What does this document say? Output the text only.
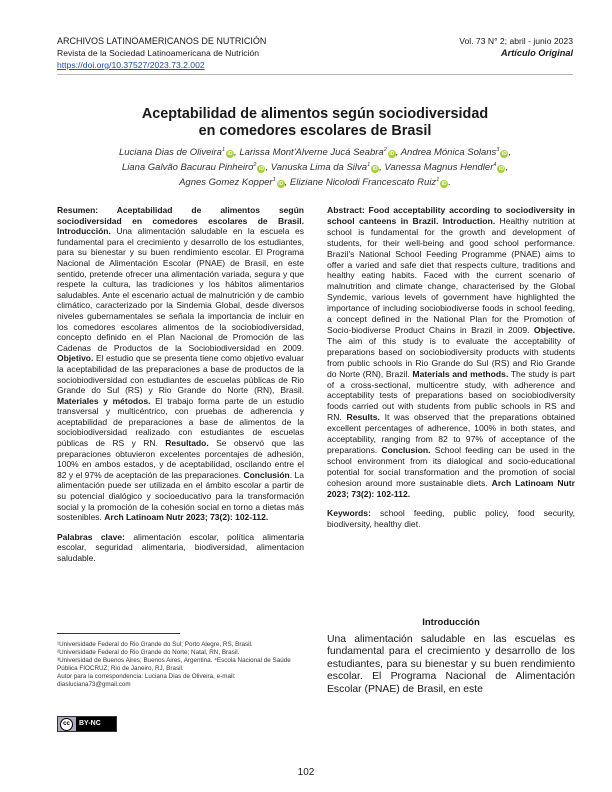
ARCHIVOS LATINOAMERICANOS DE NUTRICIÓN
Revista de la Sociedad Latinoamericana de Nutrición
https://doi.org/10.37527/2023.73.2.002
Vol. 73 N° 2; abril - junio 2023
Artículo Original
Aceptabilidad de alimentos según sociodiversidad
en comedores escolares de Brasil
Luciana Dias de Oliveira$^1$iD , Larissa Mont'Alverne Jucá Seabra$^2$iD , Andrea Mónica Solans$^3$iD ,
Liana Galvão Bacurau Pinheiro$^2$iD , Vanuska Lima da Silva$^1$iD , Vanessa Magnus Hendler$^4$iD ,
Agnes Gomez Kopper$^1$iD , Eliziane Nicolodi Francescato Ruiz$^1$iD .
Resumen: Aceptabilidad de alimentos según sociodiversidad en comedores escolares de Brasil. Introducción. Una alimentación saludable en la escuela es fundamental para el crecimiento y desarrollo de los estudiantes, para su bienestar y su buen rendimiento escolar. El Programa Nacional de Alimentación Escolar (PNAE) de Brasil, en este sentido, pretende ofrecer una alimentación variada, segura y que respete la cultura, las tradiciones y los hábitos alimentarios saludables. Ante el escenario actual de malnutrición y de cambio climático, caracterizado por la Sindemia Global, desde diversos niveles gubernamentales se señala la importancia de incluir en los comedores escolares alimentos de la sociobiodiversidad, concepto definido en el Plan Nacional de Promoción de las Cadenas de Productos de la Sociobiodiversidad en 2009. Objetivo. El estudio que se presenta tiene como objetivo evaluar la aceptabilidad de las preparaciones a base de productos de la sociobiodiversidad con estudiantes de escuelas públicas de Rio Grande do Sul (RS) y Rio Grande do Norte (RN), Brasil. Materiales y métodos. El trabajo forma parte de un estudio transversal y multicéntrico, con pruebas de adherencia y aceptabilidad de preparaciones a base de alimentos de la sociobiodiversidad realizado con estudiantes de escuelas públicas de RS y RN. Resultado. Se observó que las preparaciones obtuvieron excelentes porcentajes de adhesión, 100% en ambos estados, y de aceptabilidad, oscilando entre el 82 y el 97% de aceptación de las preparaciones. Conclusión. La alimentación puede ser utilizada en el ámbito escolar a partir de su potencial dialógico y socioeducativo para la transformación social y la promoción de la cohesión social en torno a dietas más sostenibles. Arch Latinoam Nutr 2023; 73(2): 102-112.
Palabras clave: alimentación escolar, política alimentaria escolar, seguridad alimentaria, biodiversidad, alimentacion saludable.
Abstract: Food acceptability according to sociodiversity in school canteens in Brazil. Introduction. Healthy nutrition at school is fundamental for the growth and development of students, for their well-being and good school performance. Brazil's National School Feeding Programme (PNAE) aims to offer a varied and safe diet that respects culture, traditions and healthy eating habits. Faced with the current scenario of malnutrition and climate change, characterised by the Global Syndemic, various levels of government have highlighted the importance of including sociobiodiverse foods in school feeding, a concept defined in the National Plan for the Promotion of Socio-biodiverse Product Chains in Brazil in 2009. Objective. The aim of this study is to evaluate the acceptability of preparations based on sociobiodiversity products with students from public schools in Rio Grande do Sul (RS) and Rio Grande do Norte (RN), Brazil. Materials and methods. The study is part of a cross-sectional, multicentre study, with adherence and acceptability tests of preparations based on sociobiodiversity foods carried out with students from public schools in RS and RN. Results. It was observed that the preparations obtained excellent percentages of adherence, 100% in both states, and acceptability, ranging from 82 to 97% of acceptance of the preparations. Conclusion. School feeding can be used in the school environment from its dialogical and socio-educational potential for social transformation and the promotion of social cohesion around more sustainable diets. Arch Latinoam Nutr 2023; 73(2): 102-112.
Keywords: school feeding, public policy, food security, biodiversity, healthy diet.
Introducción
Una alimentación saludable en las escuelas es fundamental para el crecimiento y desarrollo de los estudiantes, para su bienestar y su buen rendimiento escolar. El Programa Nacional de Alimentación Escolar (PNAE) de Brasil, en este
¹Universidade Federal do Rio Grande do Sul; Porto Alegre, RS, Brasil.
²Universidade Federal do Rio Grande do Norte; Natal, RN, Brasil.
³Universidad de Buenos Aires; Buenos Aires, Argentina. ⁴Escola Nacional de Saúde Pública FIOCRUZ; Rio de Janeiro, RJ, Brasil.
Autor para la correspondencia: Luciana Dias de Oliveira, e-mail: diasluciana73@gmail.com
cc	BY-NC
102
